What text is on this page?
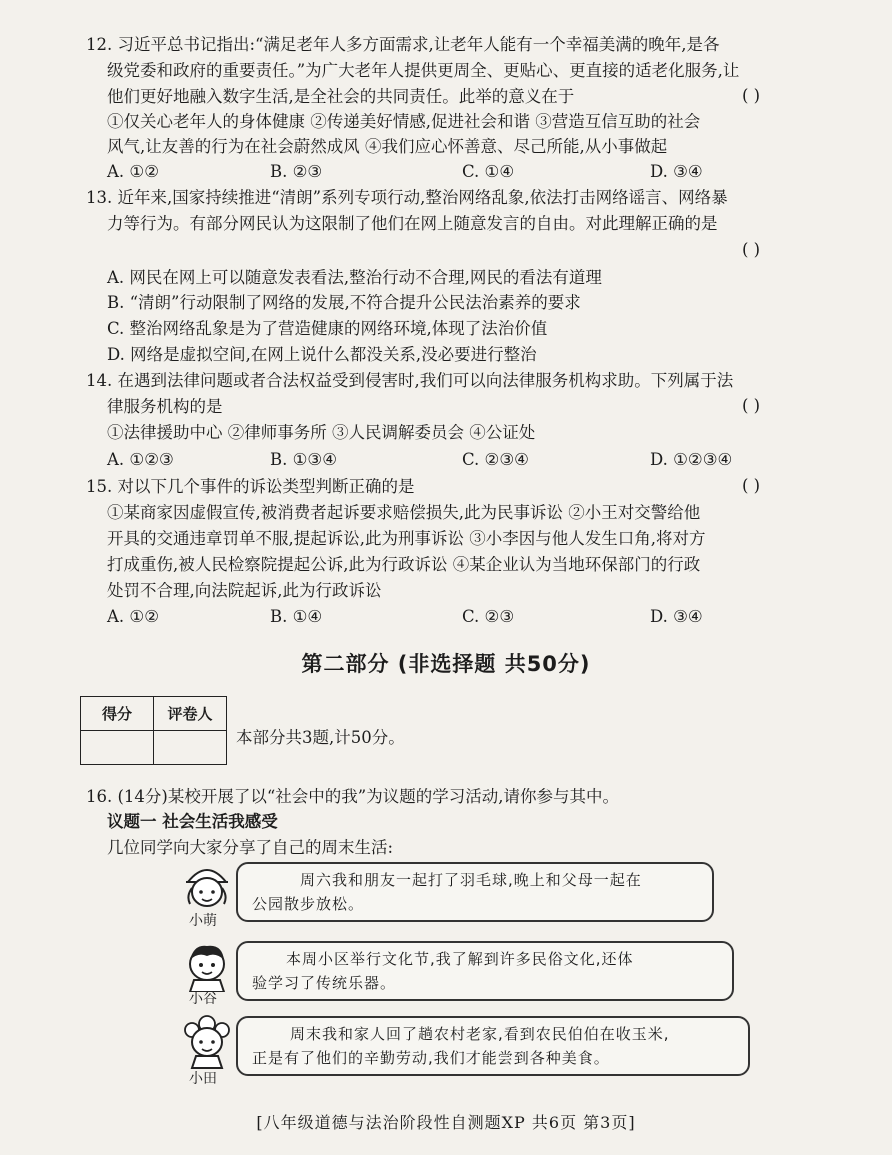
12. 习近平总书记指出:“满足老年人多方面需求,让老年人能有一个幸福美满的晚年,是各
级党委和政府的重要责任。”为广大老年人提供更周全、更贴心、更直接的适老化服务,让
他们更好地融入数字生活,是全社会的共同责任。此举的意义在于	( )
①仅关心老年人的身体健康 ②传递美好情感,促进社会和谐 ③营造互信互助的社会
风气,让友善的行为在社会蔚然成风 ④我们应心怀善意、尽己所能,从小事做起
A. ①②	B. ②③	C. ①④	D. ③④
13. 近年来,国家持续推进“清朗”系列专项行动,整治网络乱象,依法打击网络谣言、网络暴
力等行为。有部分网民认为这限制了他们在网上随意发言的自由。对此理解正确的是
( )
A. 网民在网上可以随意发表看法,整治行动不合理,网民的看法有道理
B. “清朗”行动限制了网络的发展,不符合提升公民法治素养的要求
C. 整治网络乱象是为了营造健康的网络环境,体现了法治价值
D. 网络是虚拟空间,在网上说什么都没关系,没必要进行整治
14. 在遇到法律问题或者合法权益受到侵害时,我们可以向法律服务机构求助。下列属于法
律服务机构的是	( )
①法律援助中心 ②律师事务所 ③人民调解委员会 ④公证处
A. ①②③	B. ①③④	C. ②③④	D. ①②③④
15. 对以下几个事件的诉讼类型判断正确的是	( )
①某商家因虚假宣传,被消费者起诉要求赔偿损失,此为民事诉讼 ②小王对交警给他
开具的交通违章罚单不服,提起诉讼,此为刑事诉讼 ③小李因与他人发生口角,将对方
打成重伤,被人民检察院提起公诉,此为行政诉讼 ④某企业认为当地环保部门的行政
处罚不合理,向法院起诉,此为行政诉讼
A. ①②	B. ①④	C. ②③	D. ③④
第二部分 (非选择题 共50分)
得分	评卷人

本部分共3题,计50分。
16. (14分)某校开展了以“社会中的我”为议题的学习活动,请你参与其中。
议题一 社会生活我感受
几位同学向大家分享了自己的周末生活:
小萌
周六我和朋友一起打了羽毛球,晚上和父母一起在
公园散步放松。
小谷
本周小区举行文化节,我了解到许多民俗文化,还体
验学习了传统乐器。
小田
周末我和家人回了趟农村老家,看到农民伯伯在收玉米,
正是有了他们的辛勤劳动,我们才能尝到各种美食。
[八年级道德与法治阶段性自测题XP 共6页 第3页]
